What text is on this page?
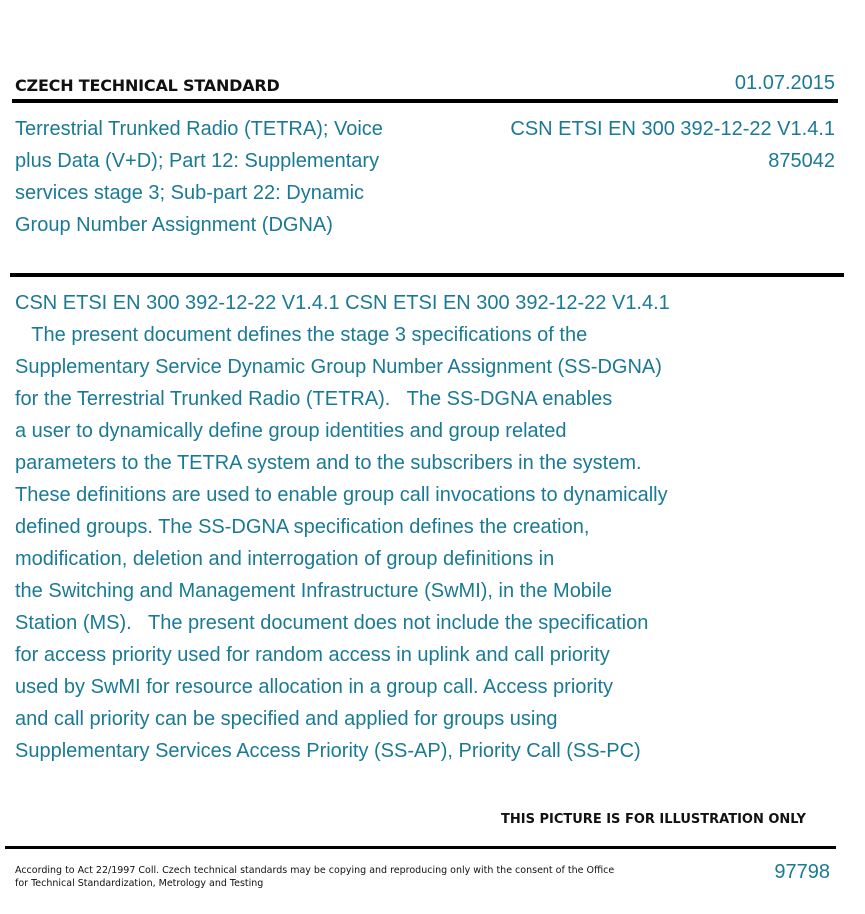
CZECH TECHNICAL STANDARD	01.07.2015
Terrestrial Trunked Radio (TETRA); Voice
plus Data (V+D); Part 12: Supplementary
services stage 3; Sub-part 22: Dynamic
Group Number Assignment (DGNA)
CSN ETSI EN 300 392-12-22 V1.4.1
875042
CSN ETSI EN 300 392-12-22 V1.4.1 CSN ETSI EN 300 392-12-22 V1.4.1
The present document defines the stage 3 specifications of the
Supplementary Service Dynamic Group Number Assignment (SS-DGNA)
for the Terrestrial Trunked Radio (TETRA).   The SS-DGNA enables
a user to dynamically define group identities and group related
parameters to the TETRA system and to the subscribers in the system.
These definitions are used to enable group call invocations to dynamically
defined groups. The SS-DGNA specification defines the creation,
modification, deletion and interrogation of group definitions in
the Switching and Management Infrastructure (SwMI), in the Mobile
Station (MS).   The present document does not include the specification
for access priority used for random access in uplink and call priority
used by SwMI for resource allocation in a group call. Access priority
and call priority can be specified and applied for groups using
Supplementary Services Access Priority (SS-AP), Priority Call (SS-PC)
THIS PICTURE IS FOR ILLUSTRATION ONLY
According to Act 22/1997 Coll. Czech technical standards may be copying and reproducing only with the consent of the Office
for Technical Standardization, Metrology and Testing
97798
